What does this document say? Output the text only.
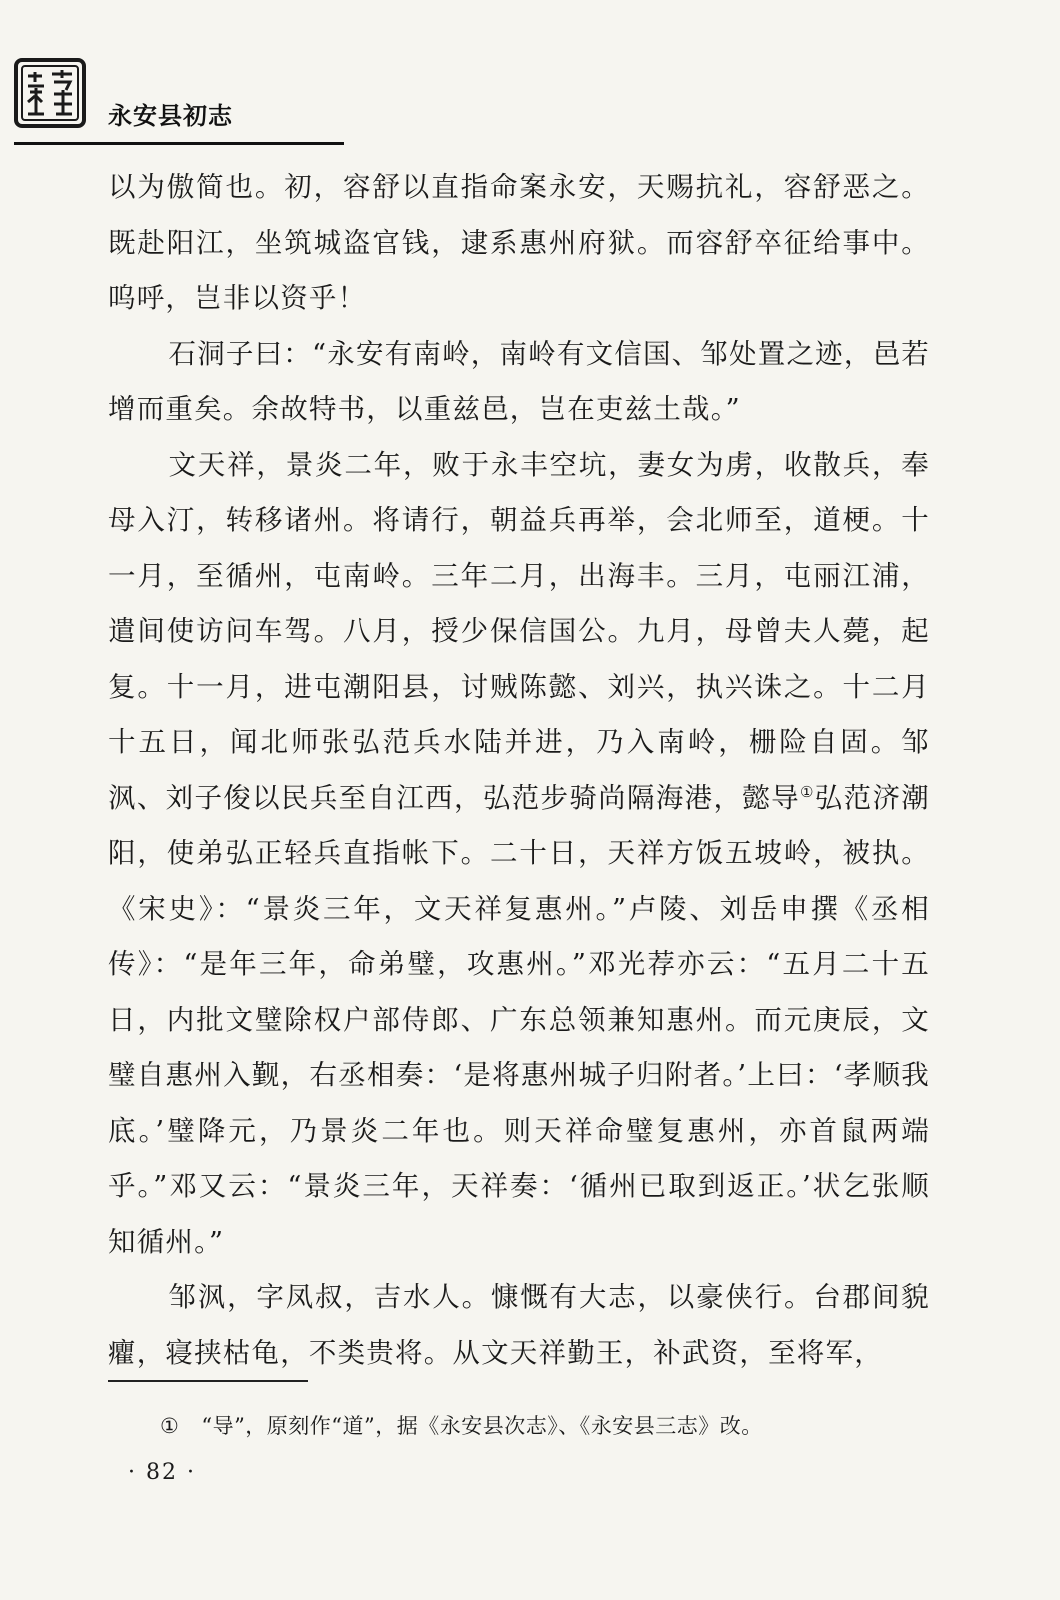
永安县初志

以为傲简也。初，容舒以直指命案永安，天赐抗礼，容舒恶之。既赴阳江，坐筑城盗官钱，逮系惠州府狱。而容舒卒征给事中。呜呼，岂非以资乎！

石洞子曰：“永安有南岭，南岭有文信国、邹处置之迹，邑若增而重矣。余故特书，以重兹邑，岂在吏兹土哉。”

文天祥，景炎二年，败于永丰空坑，妻女为虏，收散兵，奉母入汀，转移诸州。将请行，朝益兵再举，会北师至，道梗。十一月，至循州，屯南岭。三年二月，出海丰。三月，屯丽江浦，遣间使访问车驾。八月，授少保信国公。九月，母曾夫人薨，起复。十一月，进屯潮阳县，讨贼陈懿、刘兴，执兴诛之。十二月十五日，闻北师张弘范兵水陆并进，乃入南岭，栅险自固。邹沨、刘子俊以民兵至自江西，弘范步骑尚隔海港，懿导①弘范济潮阳，使弟弘正轻兵直指帐下。二十日，天祥方饭五坡岭，被执。《宋史》：“景炎三年，文天祥复惠州。”卢陵、刘岳申撰《丞相传》：“是年三年，命弟璧，攻惠州。”邓光荐亦云：“五月二十五日，内批文璧除权户部侍郎、广东总领兼知惠州。而元庚辰，文璧自惠州入觐，右丞相奏：‘是将惠州城子归附者。’上曰：‘孝顺我底。’璧降元，乃景炎二年也。则天祥命璧复惠州，亦首鼠两端乎。”邓又云：“景炎三年，天祥奏：‘循州已取到返正。’状乞张顺知循州。”

邹沨，字凤叔，吉水人。慷慨有大志，以豪侠行。台郡间貌癯，寝挟枯龟，不类贵将。从文天祥勤王，补武资，至将军，

① “导”，原刻作“道”，据《永安县次志》、《永安县三志》改。
· 82 ·
